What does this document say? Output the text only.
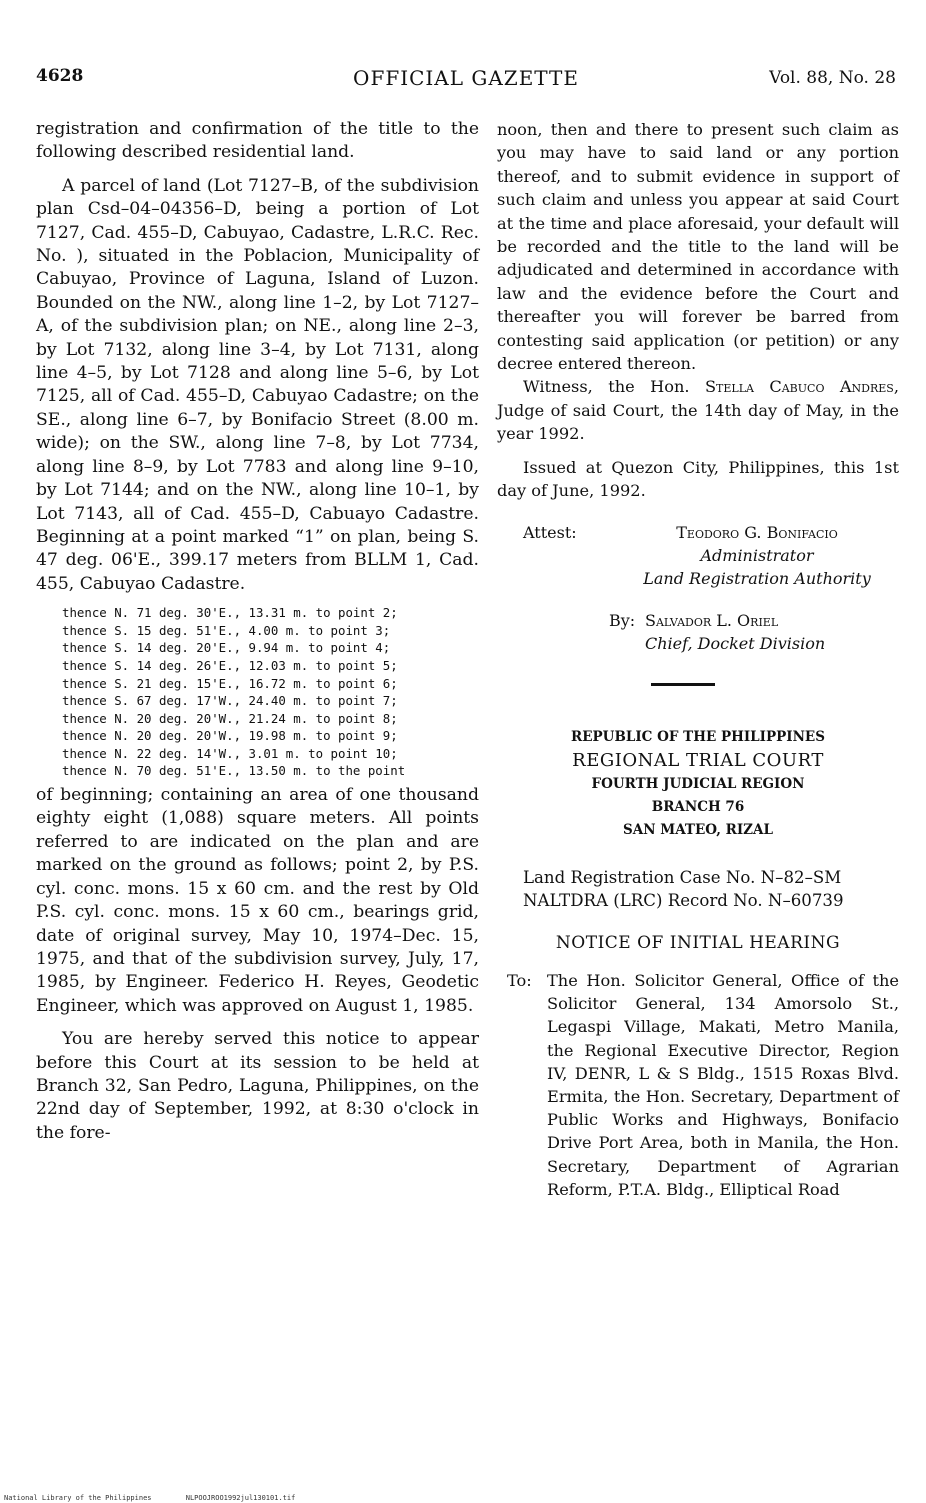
4628	OFFICIAL GAZETTE	Vol. 88, No. 28

registration and confirmation of the title to the following described residential land.

A parcel of land (Lot 7127–B, of the subdivision plan Csd–04–04356–D, being a portion of Lot 7127, Cad. 455–D, Cabuyao, Cadastre, L.R.C. Rec. No. ), situated in the Poblacion, Municipality of Cabuyao, Province of Laguna, Island of Luzon. Bounded on the NW., along line 1–2, by Lot 7127–A, of the subdivision plan; on NE., along line 2–3, by Lot 7132, along line 3–4, by Lot 7131, along line 4–5, by Lot 7128 and along line 5–6, by Lot 7125, all of Cad. 455–D, Cabuyao Cadastre; on the SE., along line 6–7, by Bonifacio Street (8.00 m. wide); on the SW., along line 7–8, by Lot 7734, along line 8–9, by Lot 7783 and along line 9–10, by Lot 7144; and on the NW., along line 10–1, by Lot 7143, all of Cad. 455–D, Cabuayo Cadastre. Beginning at a point marked “1” on plan, being S. 47 deg. 06'E., 399.17 meters from BLLM 1, Cad. 455, Cabuyao Cadastre.

thence N. 71 deg. 30'E., 13.31 m. to point 2;
thence S. 15 deg. 51'E., 4.00 m. to point 3;
thence S. 14 deg. 20'E., 9.94 m. to point 4;
thence S. 14 deg. 26'E., 12.03 m. to point 5;
thence S. 21 deg. 15'E., 16.72 m. to point 6;
thence S. 67 deg. 17'W., 24.40 m. to point 7;
thence N. 20 deg. 20'W., 21.24 m. to point 8;
thence N. 20 deg. 20'W., 19.98 m. to point 9;
thence N. 22 deg. 14'W., 3.01 m. to point 10;
thence N. 70 deg. 51'E., 13.50 m. to the point

of beginning; containing an area of one thousand eighty eight (1,088) square meters. All points referred to are indicated on the plan and are marked on the ground as follows; point 2, by P.S. cyl. conc. mons. 15 x 60 cm. and the rest by Old P.S. cyl. conc. mons. 15 x 60 cm., bearings grid, date of original survey, May 10, 1974–Dec. 15, 1975, and that of the subdivision survey, July, 17, 1985, by Engineer. Federico H. Reyes, Geodetic Engineer, which was approved on August 1, 1985.

You are hereby served this notice to appear before this Court at its session to be held at Branch 32, San Pedro, Laguna, Philippines, on the 22nd day of September, 1992, at 8:30 o'clock in the fore-

noon, then and there to present such claim as you may have to said land or any portion thereof, and to submit evidence in support of such claim and unless you appear at said Court at the time and place aforesaid, your default will be recorded and the title to the land will be adjudicated and determined in accordance with law and the evidence before the Court and thereafter you will forever be barred from contesting said application (or petition) or any decree entered thereon.

Witness, the Hon. Stella Cabuco Andres, Judge of said Court, the 14th day of May, in the year 1992.

Issued at Quezon City, Philippines, this 1st day of June, 1992.

Attest:	Teodoro G. Bonifacio
Administrator
Land Registration Authority
By: Salvador L. Oriel
Chief, Docket Division
REPUBLIC OF THE PHILIPPINES
REGIONAL TRIAL COURT
FOURTH JUDICIAL REGION
BRANCH 76
SAN MATEO, RIZAL
Land Registration Case No. N–82–SM
NALTDRA (LRC) Record No. N–60739
NOTICE OF INITIAL HEARING
To: The Hon. Solicitor General, Office of the Solicitor General, 134 Amorsolo St., Legaspi Village, Makati, Metro Manila, the Regional Executive Director, Region IV, DENR, L & S Bldg., 1515 Roxas Blvd. Ermita, the Hon. Secretary, Department of Public Works and Highways, Bonifacio Drive Port Area, both in Manila, the Hon. Secretary, Department of Agrarian Reform, P.T.A. Bldg., Elliptical Road
National Library of the Philippines	NLPOOJROO1992jul130101.tif
